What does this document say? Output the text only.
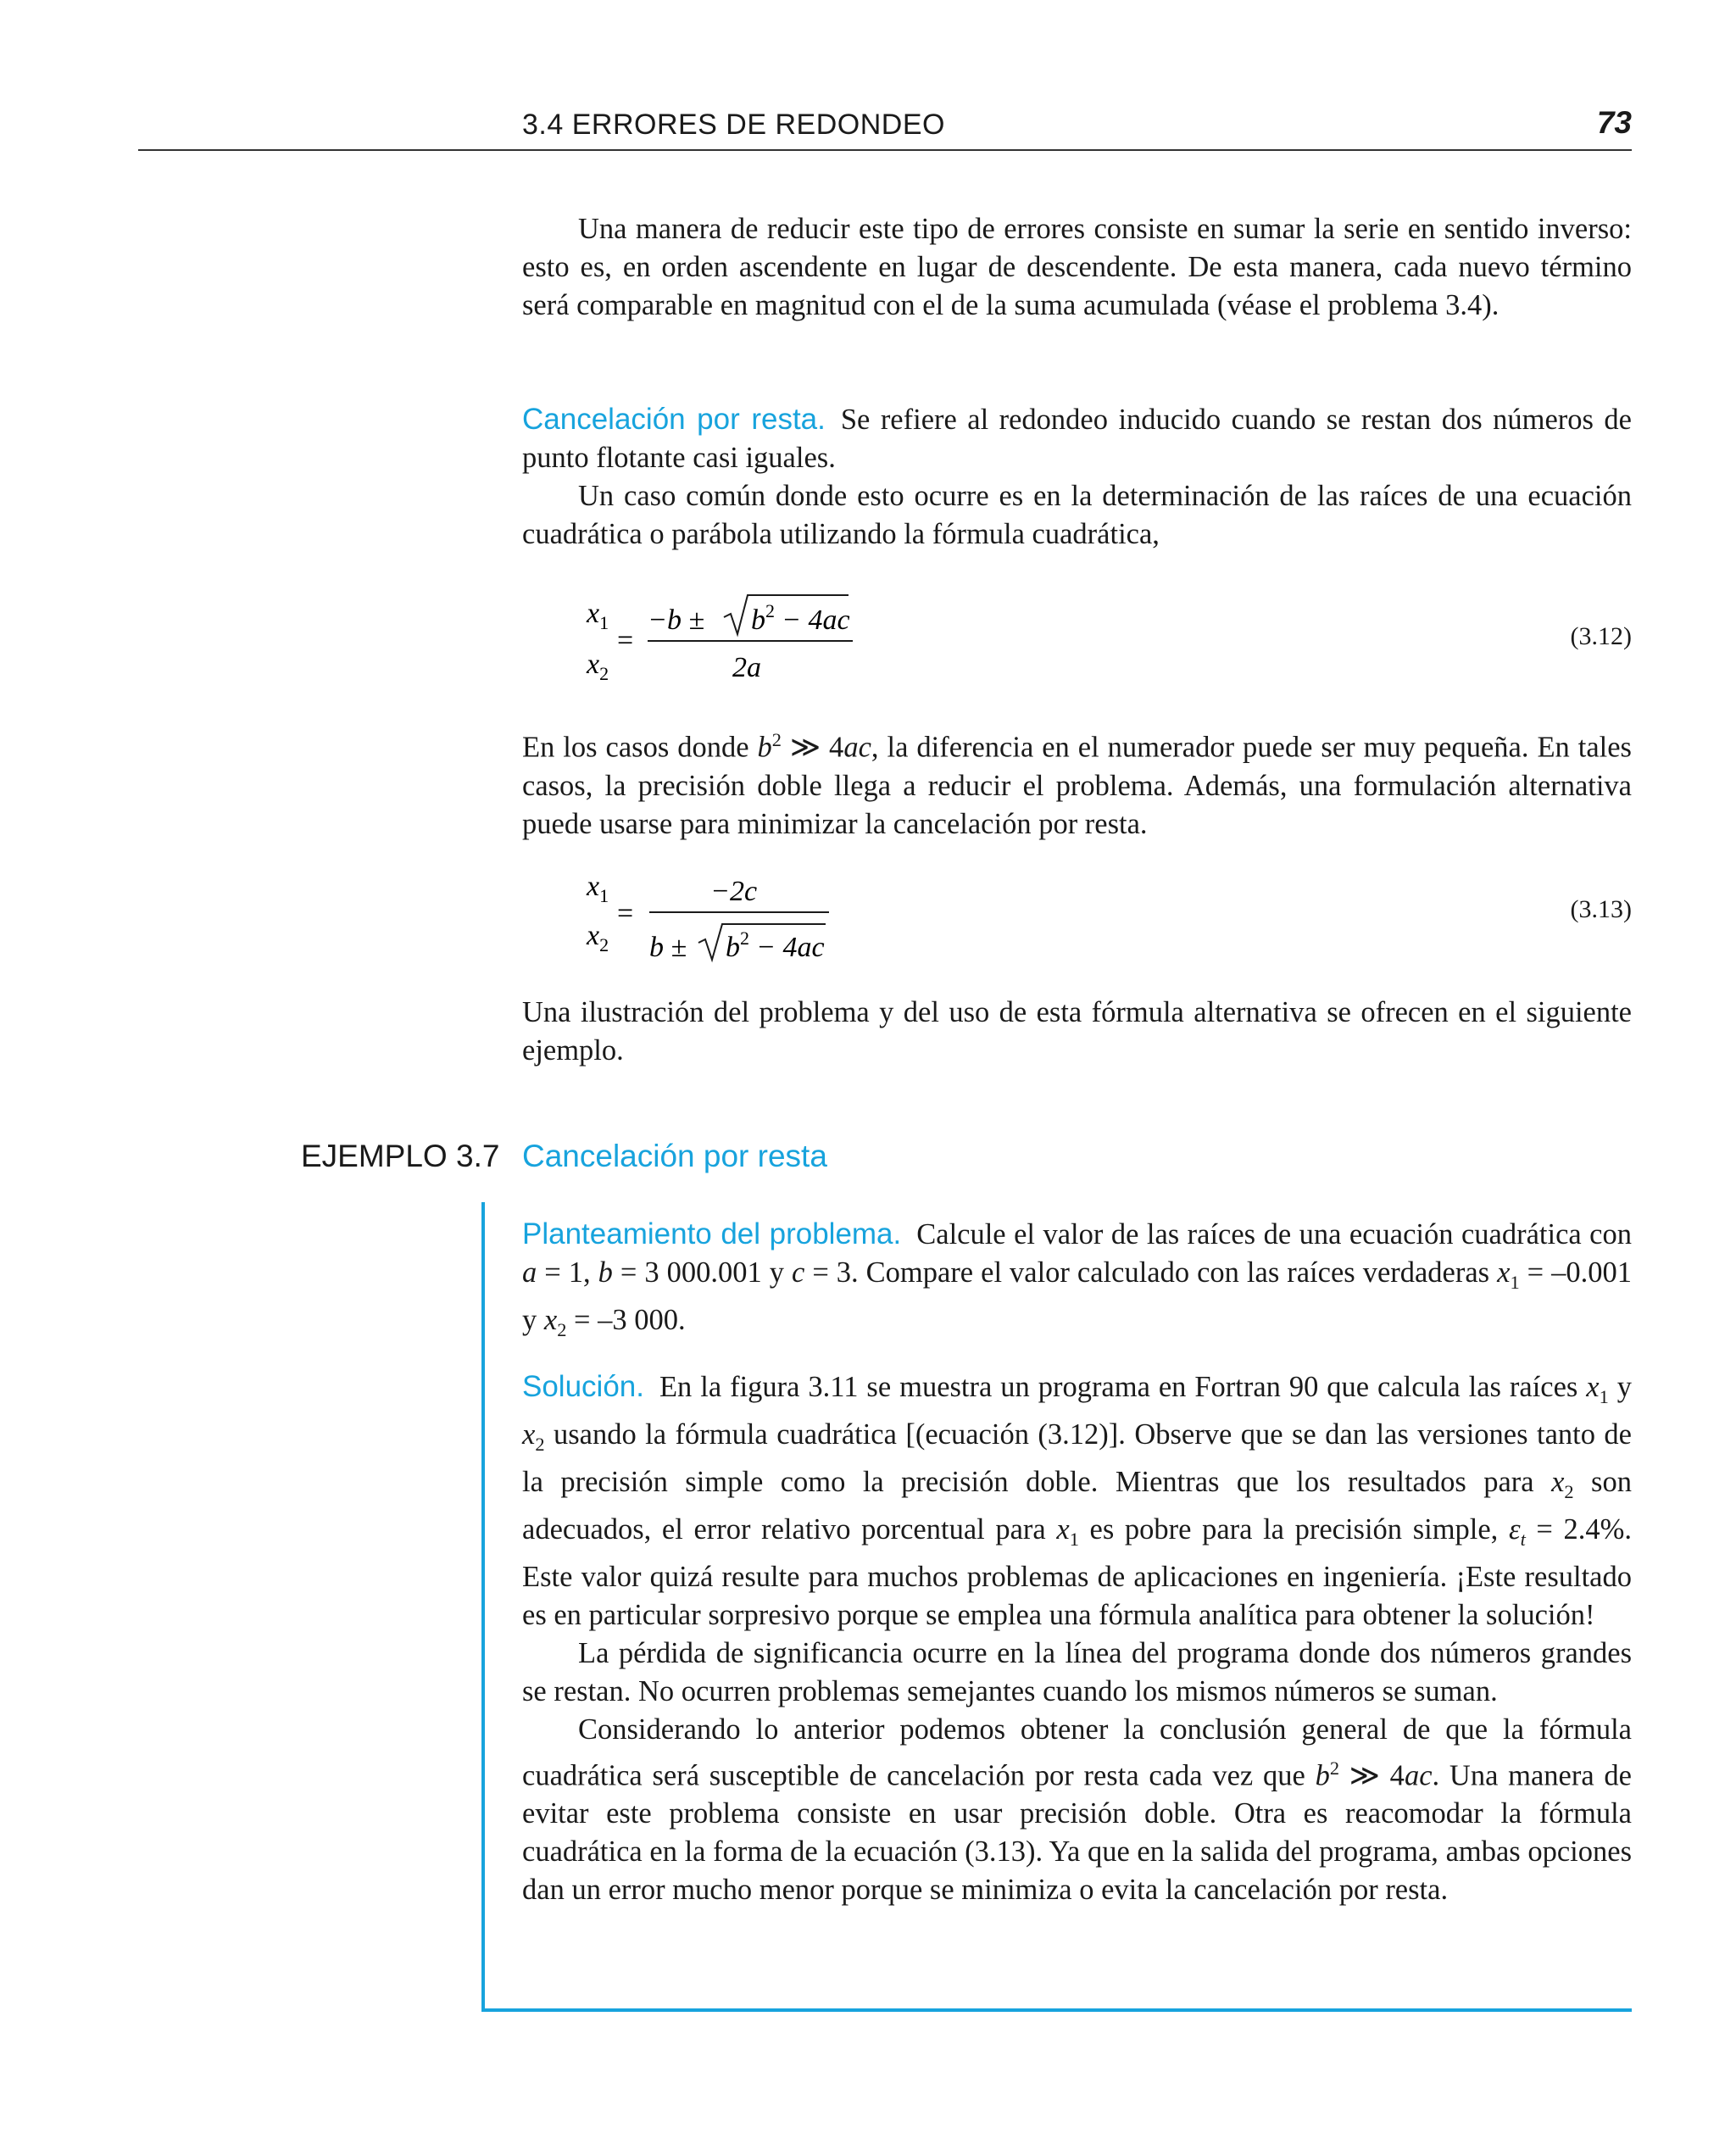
3.4 ERRORES DE REDONDEO	73

Una manera de reducir este tipo de errores consiste en sumar la serie en sentido inverso: esto es, en orden ascendente en lugar de descendente. De esta manera, cada nuevo término será comparable en magnitud con el de la suma acumulada (véase el problema 3.4).

Cancelación por resta. Se refiere al redondeo inducido cuando se restan dos números de punto flotante casi iguales.

Un caso común donde esto ocurre es en la determinación de las raíces de una ecuación cuadrática o parábola utilizando la fórmula cuadrática,

$x_1$
$x_2$
=
$-b \pm b^2 - 4ac$
2a
(3.12)

En los casos donde $b^2$ ≫ 4ac, la diferencia en el numerador puede ser muy pequeña. En tales casos, la precisión doble llega a reducir el problema. Además, una formulación alternativa puede usarse para minimizar la cancelación por resta.

$x_1$
$x_2$
=
−2c
$b \pm b^2 - 4ac$
(3.13)

Una ilustración del problema y del uso de esta fórmula alternativa se ofrecen en el siguiente ejemplo.

EJEMPLO 3.7 Cancelación por resta

Planteamiento del problema. Calcule el valor de las raíces de una ecuación cuadrática con a = 1, b = 3 000.001 y c = 3. Compare el valor calculado con las raíces verdaderas $x_1 = -0.001$ y $x_2 = -3$ 000.

Solución. En la figura 3.11 se muestra un programa en Fortran 90 que calcula las raíces $x_1$ y $x_2$ usando la fórmula cuadrática [(ecuación (3.12)]. Observe que se dan las versiones tanto de la precisión simple como la precisión doble. Mientras que los resultados para $x_2$ son adecuados, el error relativo porcentual para $x_1$ es pobre para la precisión simple, $\varepsilon_t = 2.4\%$. Este valor quizá resulte para muchos problemas de aplicaciones en ingeniería. ¡Este resultado es en particular sorpresivo porque se emplea una fórmula analítica para obtener la solución!

La pérdida de significancia ocurre en la línea del programa donde dos números grandes se restan. No ocurren problemas semejantes cuando los mismos números se suman.

Considerando lo anterior podemos obtener la conclusión general de que la fórmula cuadrática será susceptible de cancelación por resta cada vez que $b^2$ ≫ 4ac. Una manera de evitar este problema consiste en usar precisión doble. Otra es reacomodar la fórmula cuadrática en la forma de la ecuación (3.13). Ya que en la salida del programa, ambas opciones dan un error mucho menor porque se minimiza o evita la cancelación por resta.
